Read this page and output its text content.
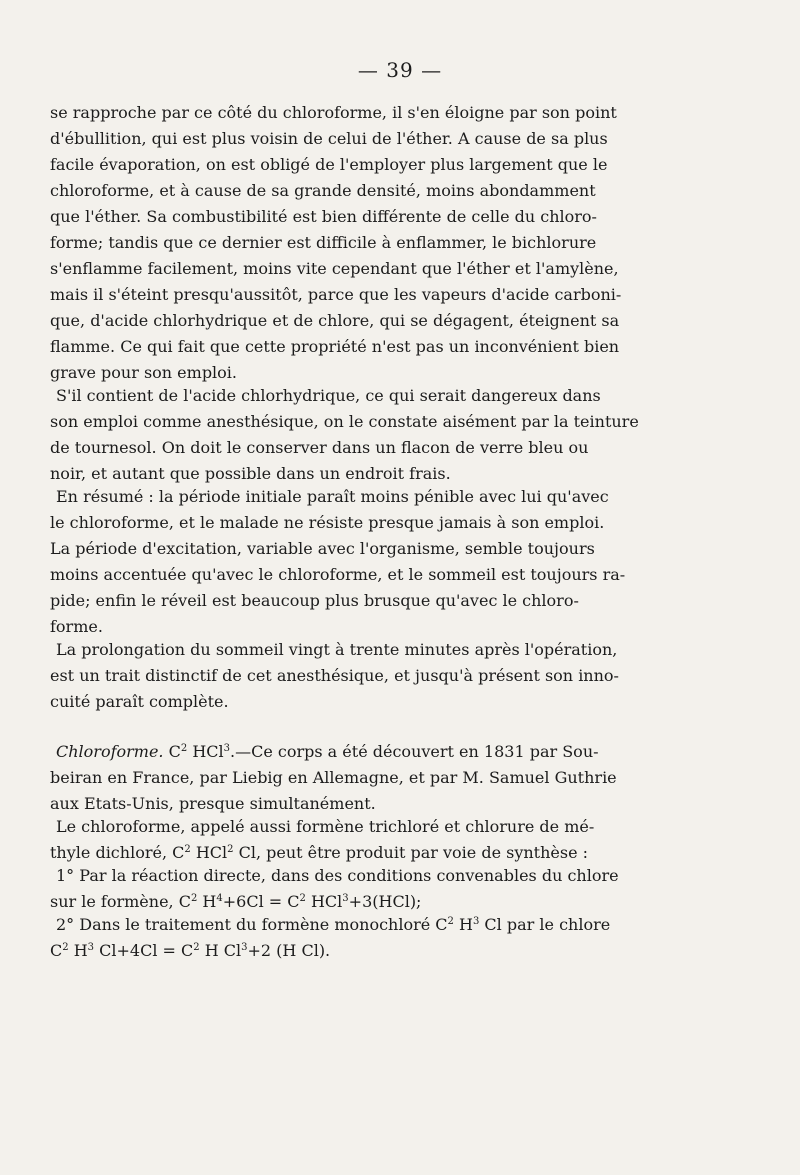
— 39 —
se rapproche par ce côté du chloroforme, il s'en éloigne par son point
d'ébullition, qui est plus voisin de celui de l'éther. A cause de sa plus
facile évaporation, on est obligé de l'employer plus largement que le
chloroforme, et à cause de sa grande densité, moins abondamment
que l'éther. Sa combustibilité est bien différente de celle du chloro-
forme; tandis que ce dernier est difficile à enflammer, le bichlorure
s'enflamme facilement, moins vite cependant que l'éther et l'amylène,
mais il s'éteint presqu'aussitôt, parce que les vapeurs d'acide carboni-
que, d'acide chlorhydrique et de chlore, qui se dégagent, éteignent sa
flamme. Ce qui fait que cette propriété n'est pas un inconvénient bien
grave pour son emploi.
S'il contient de l'acide chlorhydrique, ce qui serait dangereux dans
son emploi comme anesthésique, on le constate aisément par la teinture
de tournesol. On doit le conserver dans un flacon de verre bleu ou
noir, et autant que possible dans un endroit frais.
En résumé : la période initiale paraît moins pénible avec lui qu'avec
le chloroforme, et le malade ne résiste presque jamais à son emploi.
La période d'excitation, variable avec l'organisme, semble toujours
moins accentuée qu'avec le chloroforme, et le sommeil est toujours ra-
pide; enfin le réveil est beaucoup plus brusque qu'avec le chloro-
forme.
La prolongation du sommeil vingt à trente minutes après l'opération,
est un trait distinctif de cet anesthésique, et jusqu'à présent son inno-
cuité paraît complète.
Chloroforme. $C^2$ HCl$^3$.—Ce corps a été découvert en 1831 par Sou-
beiran en France, par Liebig en Allemagne, et par M. Samuel Guthrie
aux Etats-Unis, presque simultanément.
Le chloroforme, appelé aussi formène trichloré et chlorure de mé-
thyle dichloré, $C^2$ HCl$^2$ Cl, peut être produit par voie de synthèse :
1° Par la réaction directe, dans des conditions convenables du chlore
sur le formène, $C^2$ $H^4+6Cl = C^2$ HCl$^3$+3(HCl);
2° Dans le traitement du formène monochloré $C^2$ $H^3$ Cl par le chlore
$C^2$ $H^3$ $Cl+4Cl = C^2$ H $Cl^3+2$ (H Cl).
